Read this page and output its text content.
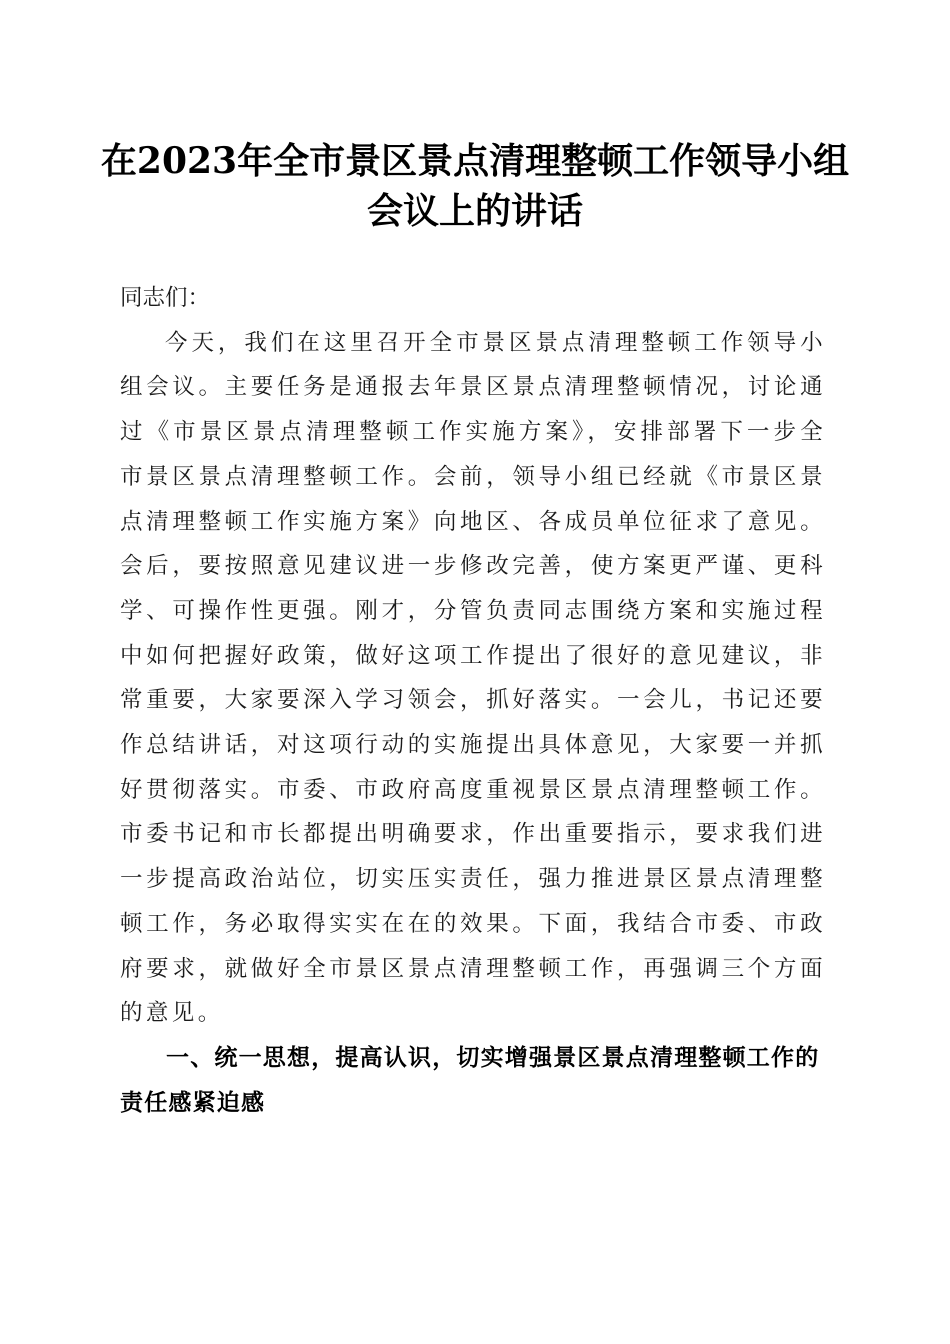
在2023年全市景区景点清理整顿工作领导小组会议上的讲话

同志们：

今天，我们在这里召开全市景区景点清理整顿工作领导小组会议。主要任务是通报去年景区景点清理整顿情况，讨论通过《市景区景点清理整顿工作实施方案》，安排部署下一步全市景区景点清理整顿工作。会前，领导小组已经就《市景区景点清理整顿工作实施方案》向地区、各成员单位征求了意见。会后，要按照意见建议进一步修改完善，使方案更严谨、更科学、可操作性更强。刚才，分管负责同志围绕方案和实施过程中如何把握好政策，做好这项工作提出了很好的意见建议，非常重要，大家要深入学习领会，抓好落实。一会儿，书记还要作总结讲话，对这项行动的实施提出具体意见，大家要一并抓好贯彻落实。市委、市政府高度重视景区景点清理整顿工作。市委书记和市长都提出明确要求，作出重要指示，要求我们进一步提高政治站位，切实压实责任，强力推进景区景点清理整顿工作，务必取得实实在在的效果。下面，我结合市委、市政府要求，就做好全市景区景点清理整顿工作，再强调三个方面的意见。

一、统一思想，提高认识，切实增强景区景点清理整顿工作的责任感紧迫感
